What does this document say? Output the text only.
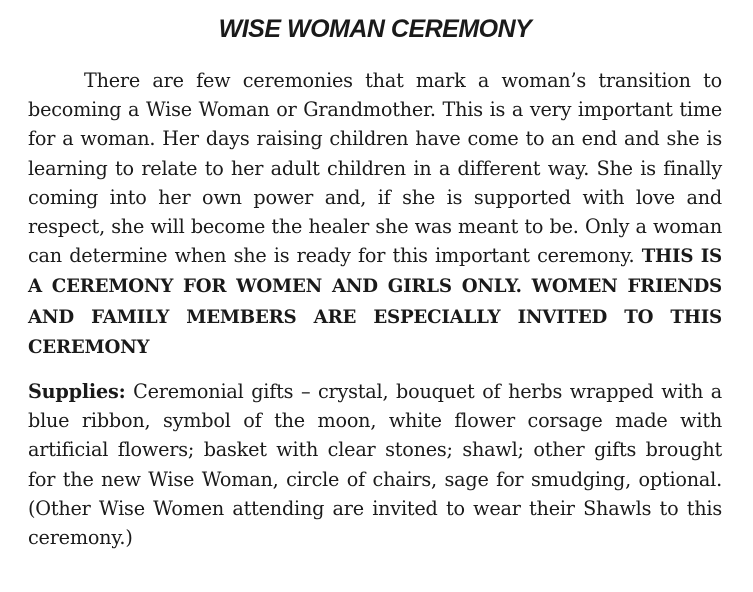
WISE WOMAN CEREMONY

There are few ceremonies that mark a woman’s transition to becoming a Wise Woman or Grandmother. This is a very important time for a woman. Her days raising children have come to an end and she is learning to relate to her adult children in a different way. She is finally coming into her own power and, if she is supported with love and respect, she will become the healer she was meant to be. Only a woman can determine when she is ready for this important ceremony. THIS IS A CEREMONY FOR WOMEN AND GIRLS ONLY. WOMEN FRIENDS AND FAMILY MEMBERS ARE ESPECIALLY INVITED TO THIS CEREMONY

Supplies: Ceremonial gifts – crystal, bouquet of herbs wrapped with a blue ribbon, symbol of the moon, white flower corsage made with artificial flowers; basket with clear stones; shawl; other gifts brought for the new Wise Woman, circle of chairs, sage for smudging, optional. (Other Wise Women attending are invited to wear their Shawls to this ceremony.)
